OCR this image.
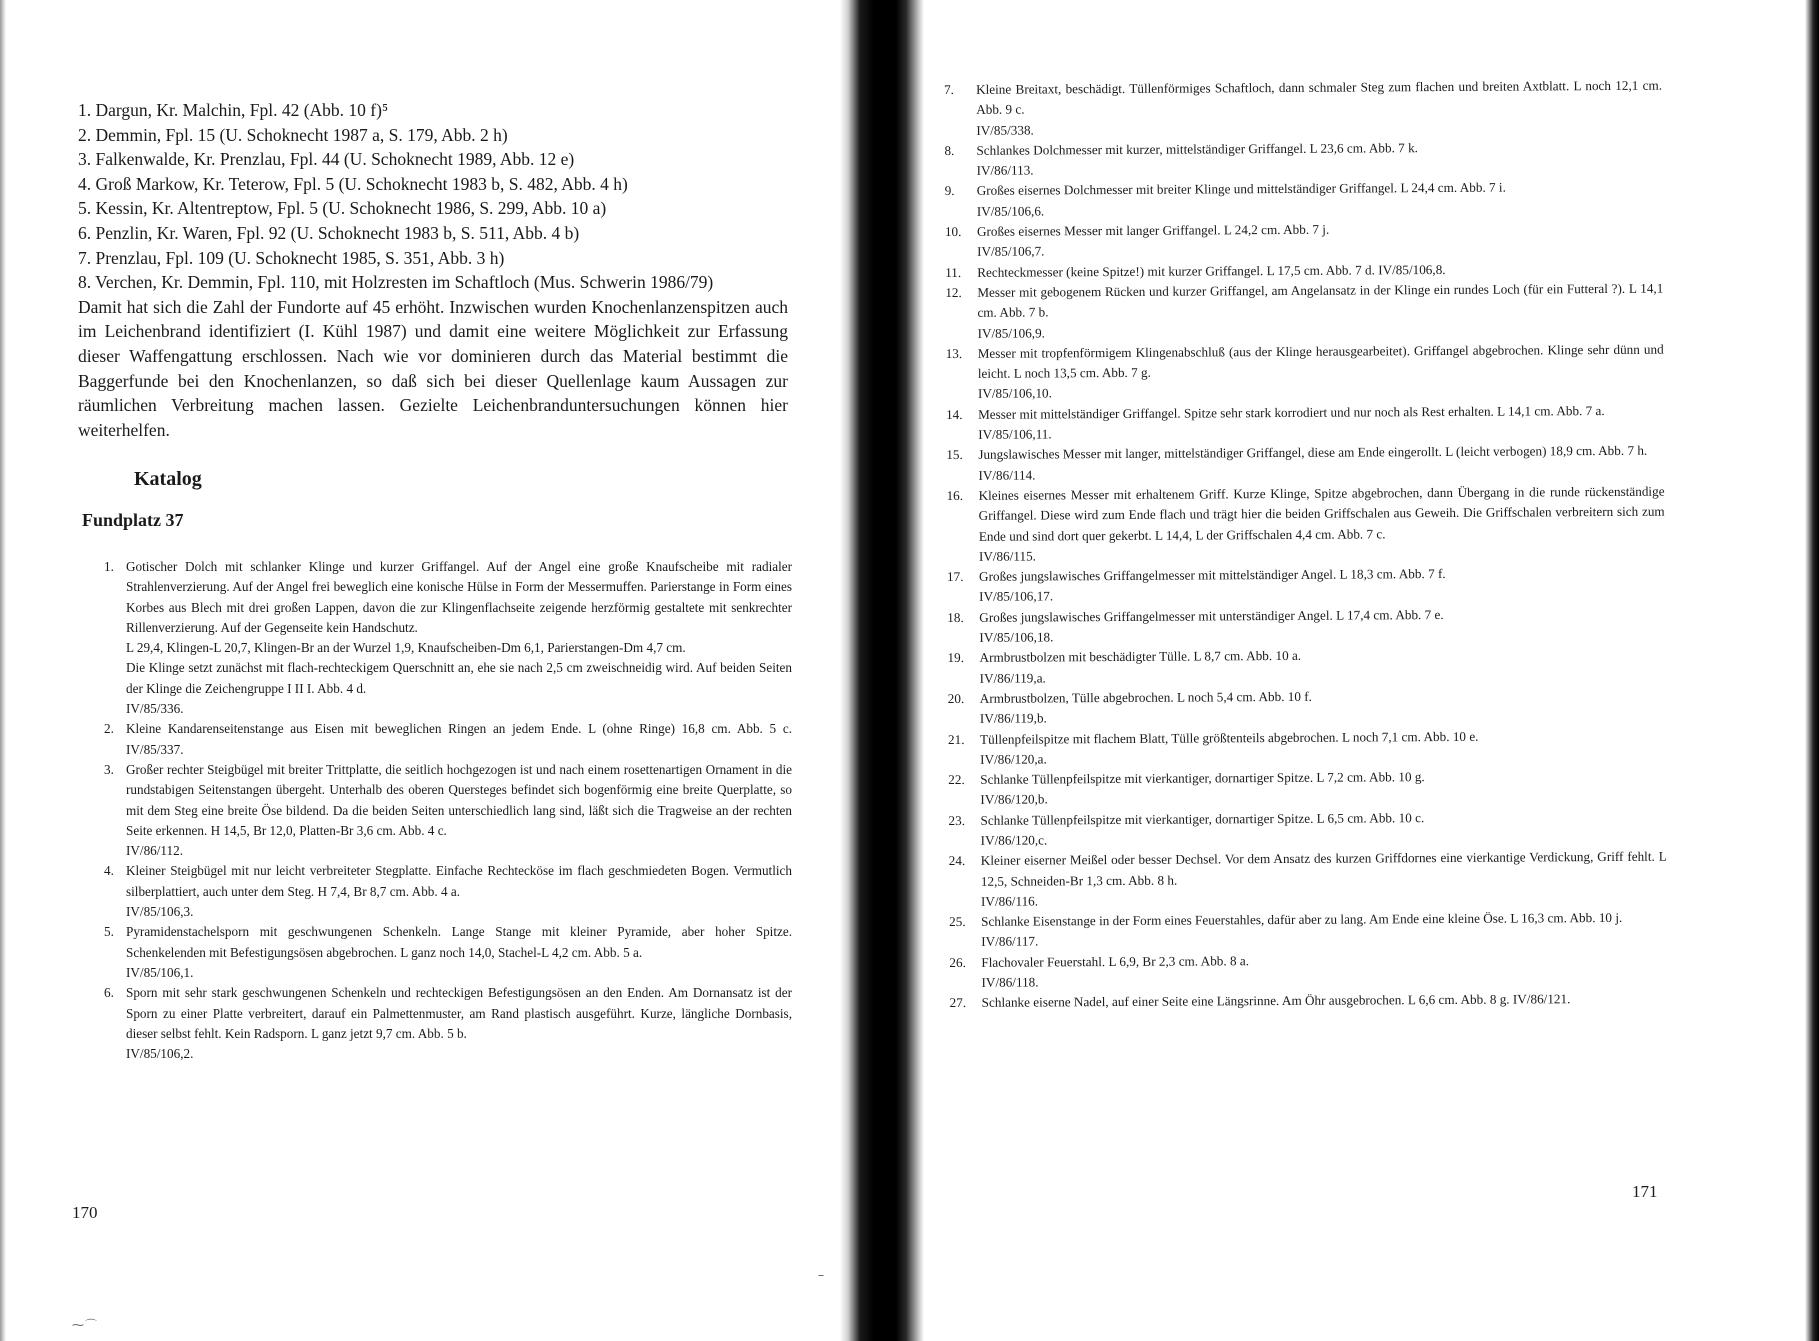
1. Dargun, Kr. Malchin, Fpl. 42 (Abb. 10 f)⁵

2. Demmin, Fpl. 15 (U. Schoknecht 1987 a, S. 179, Abb. 2 h)

3. Falkenwalde, Kr. Prenzlau, Fpl. 44 (U. Schoknecht 1989, Abb. 12 e)

4. Groß Markow, Kr. Teterow, Fpl. 5 (U. Schoknecht 1983 b, S. 482, Abb. 4 h)

5. Kessin, Kr. Altentreptow, Fpl. 5 (U. Schoknecht 1986, S. 299, Abb. 10 a)

6. Penzlin, Kr. Waren, Fpl. 92 (U. Schoknecht 1983 b, S. 511, Abb. 4 b)

7. Prenzlau, Fpl. 109 (U. Schoknecht 1985, S. 351, Abb. 3 h)

8. Verchen, Kr. Demmin, Fpl. 110, mit Holzresten im Schaftloch (Mus. Schwerin 1986/79)

Damit hat sich die Zahl der Fundorte auf 45 erhöht. Inzwischen wurden Knochenlanzenspitzen auch im Leichenbrand identifiziert (I. Kühl 1987) und damit eine weitere Möglichkeit zur Erfassung dieser Waffengattung erschlossen. Nach wie vor dominieren durch das Material bestimmt die Baggerfunde bei den Knochenlanzen, so daß sich bei dieser Quellenlage kaum Aussagen zur räumlichen Verbreitung machen lassen. Gezielte Leichenbranduntersuchungen können hier weiterhelfen.

Katalog
Fundplatz 37
1. Gotischer Dolch mit schlanker Klinge und kurzer Griffangel. Auf der Angel eine große Knaufscheibe mit radialer Strahlenverzierung. Auf der Angel frei beweglich eine konische Hülse in Form der Messermuffen. Parierstange in Form eines Korbes aus Blech mit drei großen Lappen, davon die zur Klingenflachseite zeigende herzförmig gestaltete mit senkrechter Rillenverzierung. Auf der Gegenseite kein Handschutz.
L 29,4, Klingen-L 20,7, Klingen-Br an der Wurzel 1,9, Knaufscheiben-Dm 6,1, Parierstangen-Dm 4,7 cm.
Die Klinge setzt zunächst mit flach-rechteckigem Querschnitt an, ehe sie nach 2,5 cm zweischneidig wird. Auf beiden Seiten der Klinge die Zeichengruppe I II I. Abb. 4 d.
IV/85/336.
2. Kleine Kandarenseitenstange aus Eisen mit beweglichen Ringen an jedem Ende. L (ohne Ringe) 16,8 cm. Abb. 5 c. IV/85/337.
3. Großer rechter Steigbügel mit breiter Trittplatte, die seitlich hochgezogen ist und nach einem rosettenartigen Ornament in die rundstabigen Seitenstangen übergeht. Unterhalb des oberen Quersteges befindet sich bogenförmig eine breite Querplatte, so mit dem Steg eine breite Öse bildend. Da die beiden Seiten unterschiedlich lang sind, läßt sich die Tragweise an der rechten Seite erkennen. H 14,5, Br 12,0, Platten-Br 3,6 cm. Abb. 4 c.
IV/86/112.
4. Kleiner Steigbügel mit nur leicht verbreiteter Stegplatte. Einfache Rechtecköse im flach geschmiedeten Bogen. Vermutlich silberplattiert, auch unter dem Steg. H 7,4, Br 8,7 cm. Abb. 4 a.
IV/85/106,3.
5. Pyramidenstachelsporn mit geschwungenen Schenkeln. Lange Stange mit kleiner Pyramide, aber hoher Spitze. Schenkelenden mit Befestigungsösen abgebrochen. L ganz noch 14,0, Stachel-L 4,2 cm. Abb. 5 a.
IV/85/106,1.
6. Sporn mit sehr stark geschwungenen Schenkeln und rechteckigen Befestigungsösen an den Enden. Am Dornansatz ist der Sporn zu einer Platte verbreitert, darauf ein Palmettenmuster, am Rand plastisch ausgeführt. Kurze, längliche Dornbasis, dieser selbst fehlt. Kein Radsporn. L ganz jetzt 9,7 cm. Abb. 5 b.
IV/85/106,2.
170
7. Kleine Breitaxt, beschädigt. Tüllenförmiges Schaftloch, dann schmaler Steg zum flachen und breiten Axtblatt. L noch 12,1 cm. Abb. 9 c.
IV/85/338.
8. Schlankes Dolchmesser mit kurzer, mittelständiger Griffangel. L 23,6 cm. Abb. 7 k.
IV/86/113.
9. Großes eisernes Dolchmesser mit breiter Klinge und mittelständiger Griffangel. L 24,4 cm. Abb. 7 i.
IV/85/106,6.
10. Großes eisernes Messer mit langer Griffangel. L 24,2 cm. Abb. 7 j.
IV/85/106,7.
11. Rechteckmesser (keine Spitze!) mit kurzer Griffangel. L 17,5 cm. Abb. 7 d. IV/85/106,8.
12. Messer mit gebogenem Rücken und kurzer Griffangel, am Angelansatz in der Klinge ein rundes Loch (für ein Futteral ?). L 14,1 cm. Abb. 7 b.
IV/85/106,9.
13. Messer mit tropfenförmigem Klingenabschluß (aus der Klinge herausgearbeitet). Griffangel abgebrochen. Klinge sehr dünn und leicht. L noch 13,5 cm. Abb. 7 g.
IV/85/106,10.
14. Messer mit mittelständiger Griffangel. Spitze sehr stark korrodiert und nur noch als Rest erhalten. L 14,1 cm. Abb. 7 a.
IV/85/106,11.
15. Jungslawisches Messer mit langer, mittelständiger Griffangel, diese am Ende eingerollt. L (leicht verbogen) 18,9 cm. Abb. 7 h.
IV/86/114.
16. Kleines eisernes Messer mit erhaltenem Griff. Kurze Klinge, Spitze abgebrochen, dann Übergang in die runde rückenständige Griffangel. Diese wird zum Ende flach und trägt hier die beiden Griffschalen aus Geweih. Die Griffschalen verbreitern sich zum Ende und sind dort quer gekerbt. L 14,4, L der Griffschalen 4,4 cm. Abb. 7 c.
IV/86/115.
17. Großes jungslawisches Griffangelmesser mit mittelständiger Angel. L 18,3 cm. Abb. 7 f.
IV/85/106,17.
18. Großes jungslawisches Griffangelmesser mit unterständiger Angel. L 17,4 cm. Abb. 7 e.
IV/85/106,18.
19. Armbrustbolzen mit beschädigter Tülle. L 8,7 cm. Abb. 10 a.
IV/86/119,a.
20. Armbrustbolzen, Tülle abgebrochen. L noch 5,4 cm. Abb. 10 f.
IV/86/119,b.
21. Tüllenpfeilspitze mit flachem Blatt, Tülle größtenteils abgebrochen. L noch 7,1 cm. Abb. 10 e.
IV/86/120,a.
22. Schlanke Tüllenpfeilspitze mit vierkantiger, dornartiger Spitze. L 7,2 cm. Abb. 10 g.
IV/86/120,b.
23. Schlanke Tüllenpfeilspitze mit vierkantiger, dornartiger Spitze. L 6,5 cm. Abb. 10 c.
IV/86/120,c.
24. Kleiner eiserner Meißel oder besser Dechsel. Vor dem Ansatz des kurzen Griffdornes eine vierkantige Verdickung, Griff fehlt. L 12,5, Schneiden-Br 1,3 cm. Abb. 8 h.
IV/86/116.
25. Schlanke Eisenstange in der Form eines Feuerstahles, dafür aber zu lang. Am Ende eine kleine Öse. L 16,3 cm. Abb. 10 j.
IV/86/117.
26. Flachovaler Feuerstahl. L 6,9, Br 2,3 cm. Abb. 8 a.
IV/86/118.
27. Schlanke eiserne Nadel, auf einer Seite eine Längsrinne. Am Öhr ausgebrochen. L 6,6 cm. Abb. 8 g. IV/86/121.
171
–
⁓⌒
